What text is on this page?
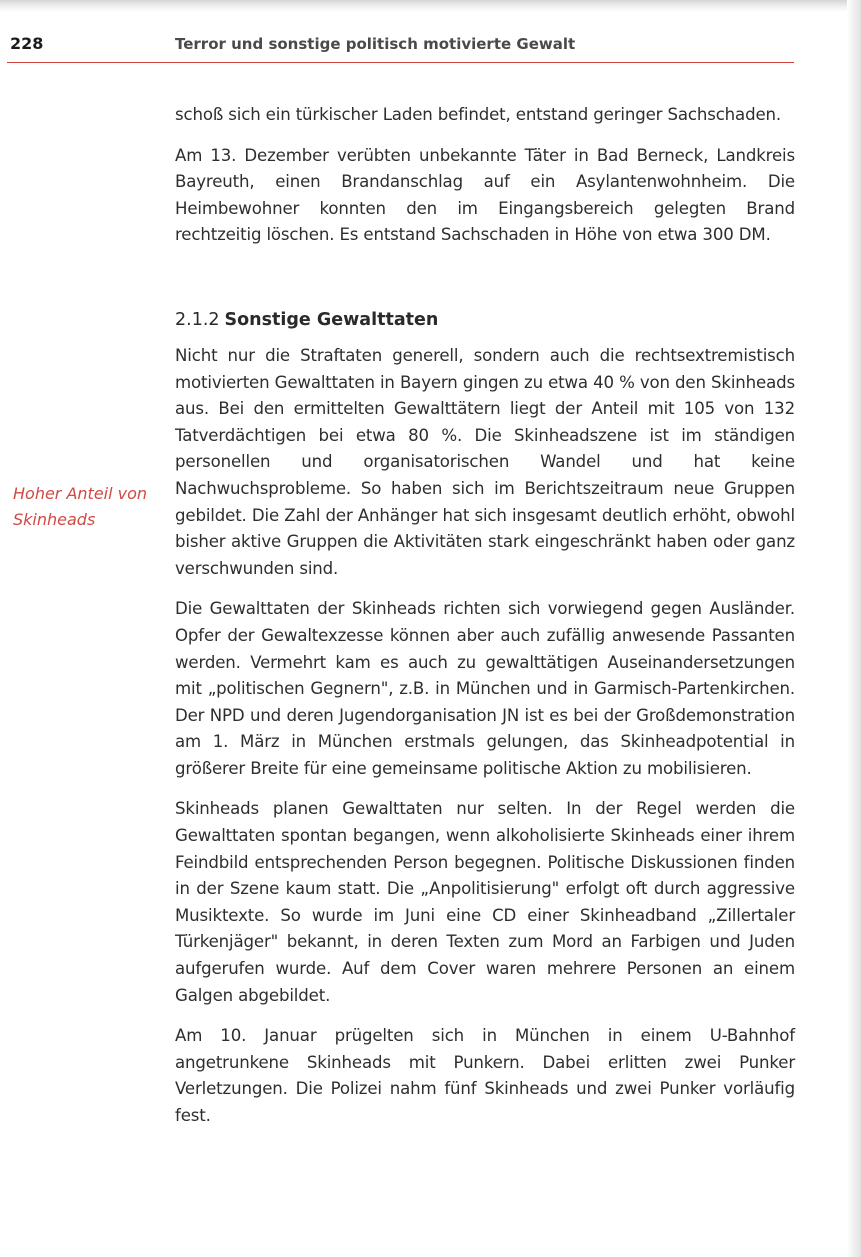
228	Terror und sonstige politisch motivierte Gewalt
Hoher Anteil von
Skinheads

schoß sich ein türkischer Laden befindet, entstand geringer Sachschaden.

Am 13. Dezember verübten unbekannte Täter in Bad Berneck, Landkreis Bayreuth, einen Brandanschlag auf ein Asylantenwohnheim. Die Heimbewohner konnten den im Eingangsbereich gelegten Brand rechtzeitig löschen. Es entstand Sachschaden in Höhe von etwa 300 DM.

2.1.2 Sonstige Gewalttaten

Nicht nur die Straftaten generell, sondern auch die rechtsextremistisch motivierten Gewalttaten in Bayern gingen zu etwa 40 % von den Skinheads aus. Bei den ermittelten Gewalttätern liegt der Anteil mit 105 von 132 Tatverdächtigen bei etwa 80 %. Die Skinheadszene ist im ständigen personellen und organisatorischen Wandel und hat keine Nachwuchsprobleme. So haben sich im Berichtszeitraum neue Gruppen gebildet. Die Zahl der Anhänger hat sich insgesamt deutlich erhöht, obwohl bisher aktive Gruppen die Aktivitäten stark eingeschränkt haben oder ganz verschwunden sind.

Die Gewalttaten der Skinheads richten sich vorwiegend gegen Ausländer. Opfer der Gewaltexzesse können aber auch zufällig anwesende Passanten werden. Vermehrt kam es auch zu gewalttätigen Auseinandersetzungen mit „politischen Gegnern", z.B. in München und in Garmisch-Partenkirchen. Der NPD und deren Jugendorganisation JN ist es bei der Großdemonstration am 1. März in München erstmals gelungen, das Skinheadpotential in größerer Breite für eine gemeinsame politische Aktion zu mobilisieren.

Skinheads planen Gewalttaten nur selten. In der Regel werden die Gewalttaten spontan begangen, wenn alkoholisierte Skinheads einer ihrem Feindbild entsprechenden Person begegnen. Politische Diskussionen finden in der Szene kaum statt. Die „Anpolitisierung" erfolgt oft durch aggressive Musiktexte. So wurde im Juni eine CD einer Skinheadband „Zillertaler Türkenjäger" bekannt, in deren Texten zum Mord an Farbigen und Juden aufgerufen wurde. Auf dem Cover waren mehrere Personen an einem Galgen abgebildet.

Am 10. Januar prügelten sich in München in einem U-Bahnhof angetrunkene Skinheads mit Punkern. Dabei erlitten zwei Punker Verletzungen. Die Polizei nahm fünf Skinheads und zwei Punker vorläufig fest.
